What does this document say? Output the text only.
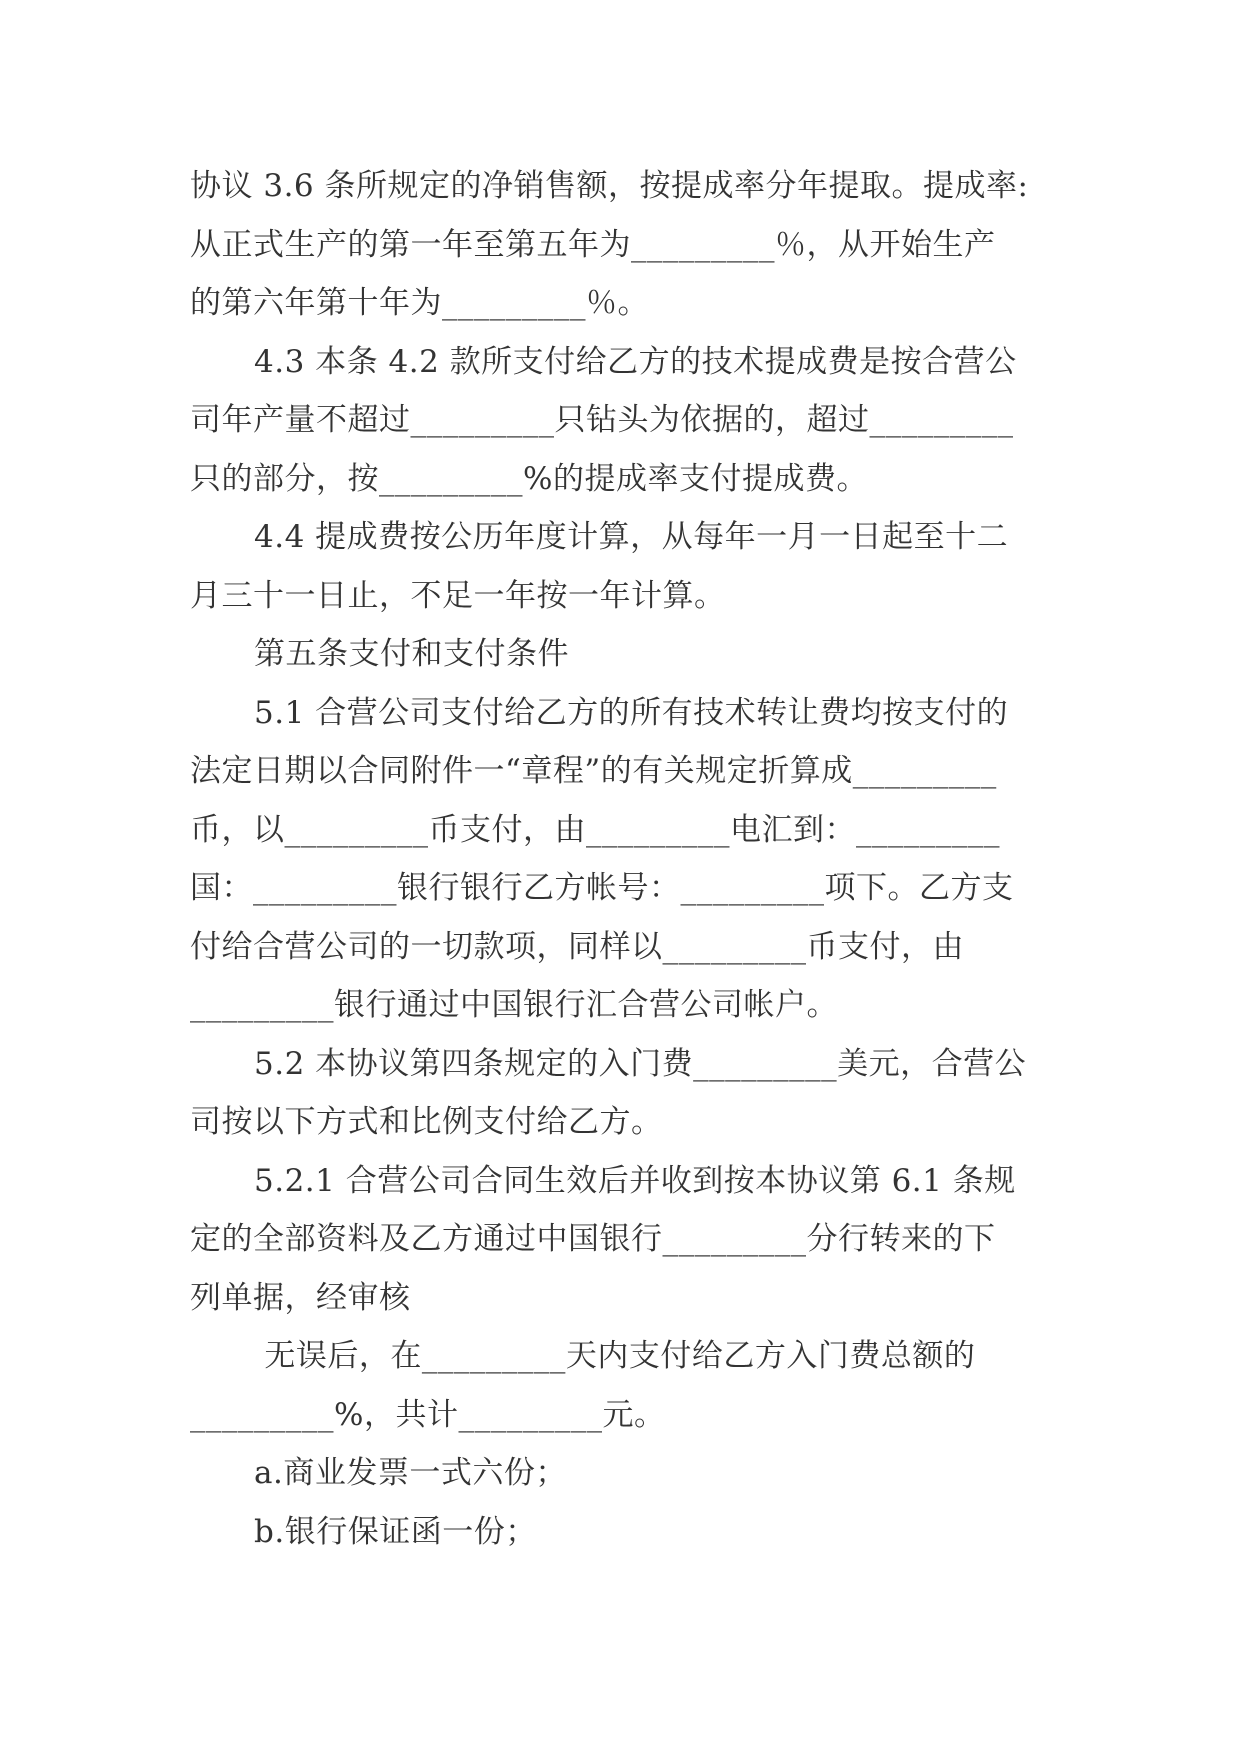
协议 3.6 条所规定的净销售额，按提成率分年提取。提成率:
从正式生产的第一年至第五年为_________％，从开始生产
的第六年第十年为_________％。
4.3 本条 4.2 款所支付给乙方的技术提成费是按合营公
司年产量不超过_________只钻头为依据的，超过_________
只的部分，按_________%的提成率支付提成费。
4.4 提成费按公历年度计算，从每年一月一日起至十二
月三十一日止，不足一年按一年计算。
第五条支付和支付条件
5.1 合营公司支付给乙方的所有技术转让费均按支付的
法定日期以合同附件一“章程”的有关规定折算成_________
币，以_________币支付，由_________电汇到：_________
国：_________银行银行乙方帐号：_________项下。乙方支
付给合营公司的一切款项，同样以_________币支付，由
_________银行通过中国银行汇合营公司帐户。
5.2 本协议第四条规定的入门费_________美元，合营公
司按以下方式和比例支付给乙方。
5.2.1 合营公司合同生效后并收到按本协议第 6.1 条规
定的全部资料及乙方通过中国银行_________分行转来的下
列单据，经审核
无误后，在_________天内支付给乙方入门费总额的
_________%，共计_________元。
a.商业发票一式六份；
b.银行保证函一份；
